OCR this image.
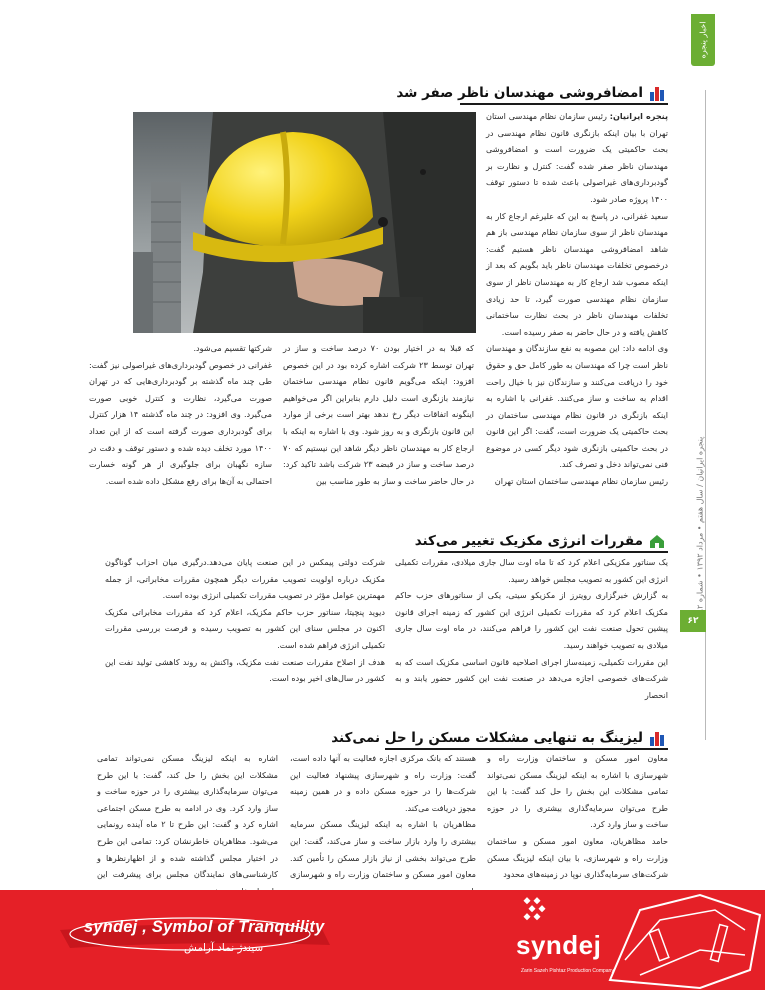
اخبار پنجره
پنجره ایرانیان / سال هفتم • مرداد ۱۳۹۲ • شماره
۶۲
امضافروشی مهندسان ناظر صفر شد

پنجره ایرانیان: رئیس سازمان نظام مهندسی استان تهران با بیان اینکه بازنگری قانون نظام مهندسی در بحث حاکمیتی یک ضرورت است و امضافروشی مهندسان ناظر صفر شده گفت: کنترل و نظارت بر گودبرداری‌های غیراصولی باعث شده تا دستور توقف ۱۴۰۰ پروژه صادر شود.
سعید غفرانی، در پاسخ به این که علیرغم ارجاع کار به مهندسان ناظر از سوی سازمان نظام مهندسی باز هم شاهد امضافروشی مهندسان ناظر هستیم گفت: درخصوص تخلفات مهندسان ناظر باید بگویم که بعد از اینکه مصوب شد ارجاع کار به مهندسان ناظر از سوی سازمان نظام مهندسی صورت گیرد، تا حد زیادی تخلفات مهندسان ناظر در بحث نظارت ساختمانی کاهش یافته و در حال حاضر به صفر رسیده است.
وی ادامه داد: این مصوبه به نفع سازندگان و مهندسان ناظر است چرا که مهندسان به طور کامل حق و حقوق خود را دریافت می‌کنند و سازندگان نیز با خیال راحت اقدام به ساخت و ساز می‌کنند. غفرانی با اشاره به اینکه بازنگری در قانون نظام مهندسی ساختمان در بحث حاکمیتی یک ضرورت است، گفت: اگر این قانون در بحث حاکمیتی بازنگری شود دیگر کسی در موضوع فنی نمی‌تواند دخل و تصرف کند.
رئیس سازمان نظام مهندسی ساختمان استان تهران

که قبلا به در اختیار بودن ۷۰ درصد ساخت و ساز در تهران توسط ۲۳ شرکت اشاره کرده بود در این خصوص افزود: اینکه می‌گویم قانون نظام مهندسی ساختمان نیازمند بازنگری است دلیل دارم بنابراین اگر می‌خواهیم اینگونه اتفاقات دیگر رخ ندهد بهتر است برخی از موارد این قانون بازنگری و به روز شود. وی با اشاره به اینکه با ارجاع کار به مهندسان ناظر دیگر شاهد این نیستیم که ۷۰ درصد ساخت و ساز در قبضه ۲۳ شرکت باشد تاکید کرد: در حال حاضر ساخت و ساز به طور مناسب بین

شرکتها تقسیم می‌شود.
غفرانی در خصوص گودبرداری‌های غیراصولی نیز گفت: طی چند ماه گذشته بر گودبرداری‌هایی که در تهران صورت می‌گیرد، نظارت و کنترل خوبی صورت می‌گیرد. وی افزود: در چند ماه گذشته ۱۴ هزار کنترل برای گودبرداری صورت گرفته است که از این تعداد ۱۴۰۰ مورد تخلف دیده شده و دستور توقف و دقت در سازه نگهبان برای جلوگیری از هر گونه خسارت احتمالی به آن‌ها برای رفع مشکل داده شده است.

مقررات انرژی مکزیک تغییر می‌کند

یک سناتور مکزیکی اعلام کرد که تا ماه اوت سال جاری میلادی، مقررات تکمیلی انرژی این کشور به تصویب مجلس خواهد رسید.
به گزارش خبرگزاری رویترز از مکزیکو سیتی، یکی از سناتورهای حزب حاکم مکزیک اعلام کرد که مقررات تکمیلی انرژی این کشور که زمینه اجرای قانون پیشین تحول صنعت نفت این کشور را فراهم می‌کنند، در ماه اوت سال جاری میلادی به تصویب خواهند رسید.
این مقررات تکمیلی، زمینه‌ساز اجرای اصلاحیه قانون اساسی مکزیک است که به شرکت‌های خصوصی اجازه می‌دهد در صنعت نفت این کشور حضور یابند و به انحصار

شرکت دولتی پیمکس در این صنعت پایان می‌دهد.درگیری میان احزاب گوناگون مکزیک درباره اولویت تصویب مقررات دیگر همچون مقررات مخابراتی، از جمله مهمترین عوامل مؤثر در تصویب مقررات تکمیلی انرژی بوده است.
دیوید پنچیتا، سناتور حزب حاکم مکزیک، اعلام کرد که مقررات مخابراتی مکزیک اکنون در مجلس سنای این کشور به تصویب رسیده و فرصت بررسی مقررات تکمیلی انرژی فراهم شده است.
هدف از اصلاح مقررات صنعت نفت مکزیک، واکنش به روند کاهشی تولید نفت این کشور در سال‌های اخیر بوده است.

لیزینگ به تنهایی مشکلات مسکن را حل نمی‌کند

معاون امور مسکن و ساختمان وزارت راه و شهرسازی با اشاره به اینکه لیزینگ مسکن نمی‌تواند تمامی مشکلات این بخش را حل کند گفت: با این طرح می‌توان سرمایه‌گذاری بیشتری را در حوزه ساخت و ساز وارد کرد.
حامد مظاهریان، معاون امور مسکن و ساختمان وزارت راه و شهرسازی، با بیان اینکه لیزینگ مسکن شرکت‌های سرمایه‌گذاری نوپا در زمینه‌های محدود

هستند که بانک مرکزی اجازه فعالیت به آنها داده است، گفت: وزارت راه و شهرسازی پیشنهاد فعالیت این شرکت‌ها را در حوزه مسکن داده و در همین زمینه مجوز دریافت می‌کند.
مظاهریان با اشاره به اینکه لیزینگ مسکن سرمایه بیشتری را وارد بازار ساخت و ساز می‌کند، گفت: این طرح می‌تواند بخشی از نیاز بازار مسکن را تأمین کند. معاون امور مسکن و ساختمان وزارت راه و شهرسازی

اشاره به اینکه لیزینگ مسکن نمی‌تواند تمامی مشکلات این بخش را حل کند، گفت: با این طرح می‌توان سرمایه‌گذاری بیشتری را در حوزه ساخت و ساز وارد کرد. وی در ادامه به طرح مسکن اجتماعی اشاره کرد و گفت: این طرح تا ۲ ماه آینده رونمایی می‌شود. مظاهریان خاطرنشان کرد: تمامی این طرح در اختیار مجلس گذاشته شده و از اظهارنظرها و کارشناسی‌های نمایندگان مجلس برای پیشرفت این

syndej , Symbol of Tranquility
سیندژ نماد آرامش	syndej
Zarin Sazeh Pishtaz Production Company
